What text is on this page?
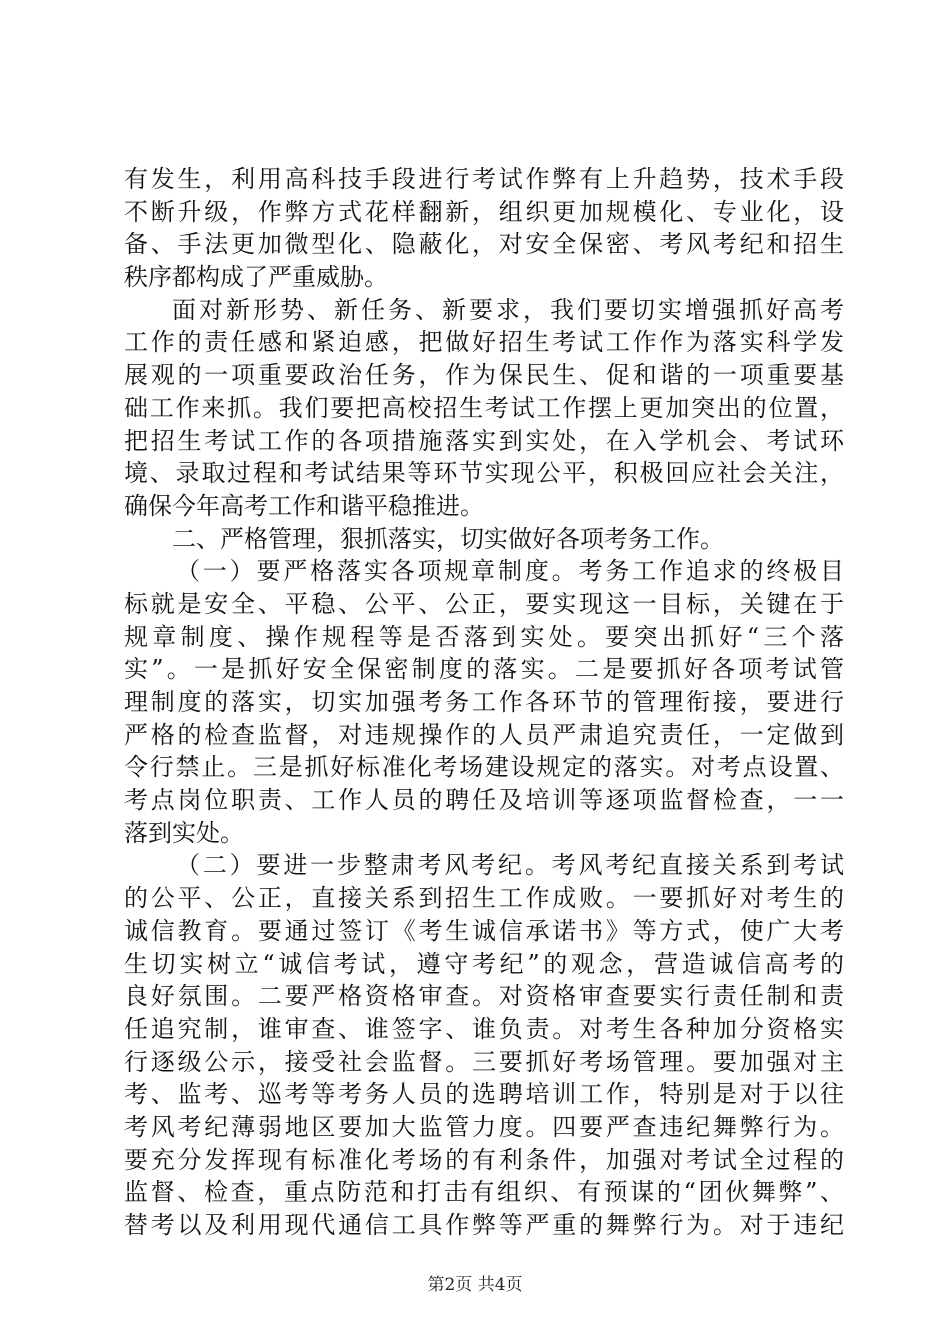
有发生，利用高科技手段进行考试作弊有上升趋势，技术手段
不断升级，作弊方式花样翻新，组织更加规模化、专业化，设
备、手法更加微型化、隐蔽化，对安全保密、考风考纪和招生
秩序都构成了严重威胁。
面对新形势、新任务、新要求，我们要切实增强抓好高考
工作的责任感和紧迫感，把做好招生考试工作作为落实科学发
展观的一项重要政治任务，作为保民生、促和谐的一项重要基
础工作来抓。我们要把高校招生考试工作摆上更加突出的位置，
把招生考试工作的各项措施落实到实处，在入学机会、考试环
境、录取过程和考试结果等环节实现公平，积极回应社会关注，
确保今年高考工作和谐平稳推进。
二、严格管理，狠抓落实，切实做好各项考务工作。
（一）要严格落实各项规章制度。考务工作追求的终极目
标就是安全、平稳、公平、公正，要实现这一目标，关键在于
规章制度、操作规程等是否落到实处。要突出抓好“三个落
实”。一是抓好安全保密制度的落实。二是要抓好各项考试管
理制度的落实，切实加强考务工作各环节的管理衔接，要进行
严格的检查监督，对违规操作的人员严肃追究责任，一定做到
令行禁止。三是抓好标准化考场建设规定的落实。对考点设置、
考点岗位职责、工作人员的聘任及培训等逐项监督检查，一一
落到实处。
（二）要进一步整肃考风考纪。考风考纪直接关系到考试
的公平、公正，直接关系到招生工作成败。一要抓好对考生的
诚信教育。要通过签订《考生诚信承诺书》等方式，使广大考
生切实树立“诚信考试，遵守考纪”的观念，营造诚信高考的
良好氛围。二要严格资格审查。对资格审查要实行责任制和责
任追究制，谁审查、谁签字、谁负责。对考生各种加分资格实
行逐级公示，接受社会监督。三要抓好考场管理。要加强对主
考、监考、巡考等考务人员的选聘培训工作，特别是对于以往
考风考纪薄弱地区要加大监管力度。四要严查违纪舞弊行为。
要充分发挥现有标准化考场的有利条件，加强对考试全过程的
监督、检查，重点防范和打击有组织、有预谋的“团伙舞弊”、
替考以及利用现代通信工具作弊等严重的舞弊行为。对于违纪
第2页 共4页
